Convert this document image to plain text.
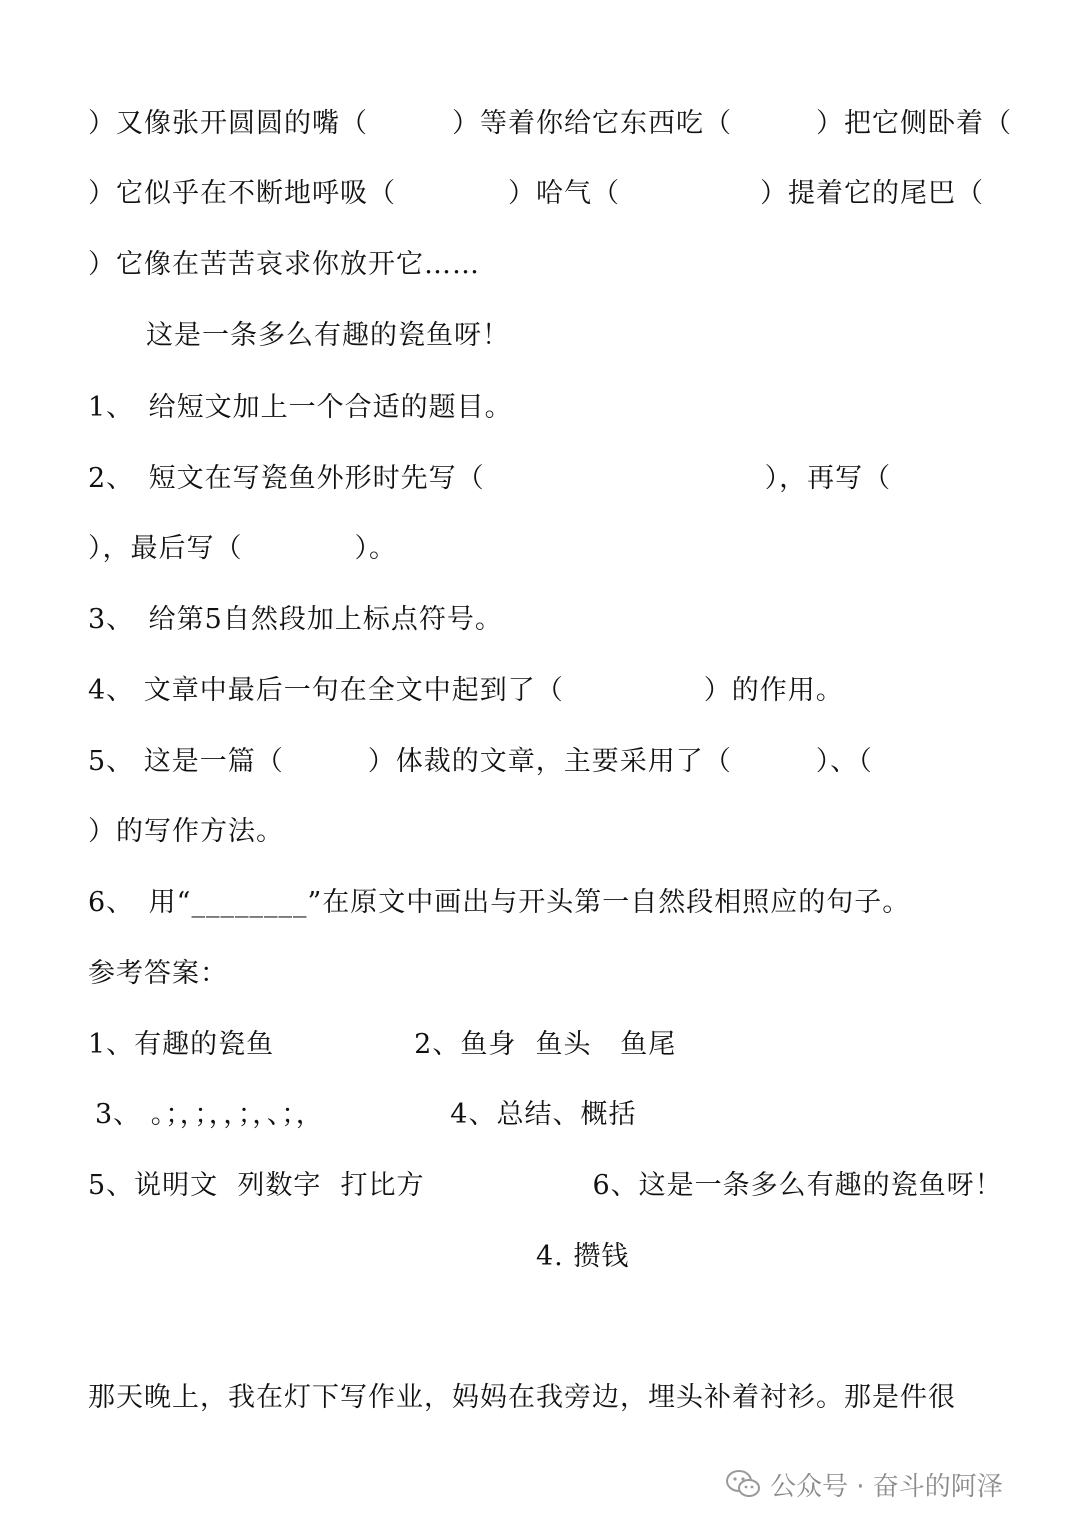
）又像张开圆圆的嘴（　　　）等着你给它东西吃（　　　）把它侧卧着（
）它似乎在不断地呼吸（　　　　）哈气（　　　　　）提着它的尾巴（
）它像在苦苦哀求你放开它……
这是一条多么有趣的瓷鱼呀！
1、　给短文加上一个合适的题目。
2、　短文在写瓷鱼外形时先写（　　　　　　　　　　），再写（
），最后写（　　　　）。
3、　给第5自然段加上标点符号。
4、 文章中最后一句在全文中起到了（　　　　　）的作用。
5、 这是一篇（　　　）体裁的文章，主要采用了（　　　）、（
）的写作方法。
6、　用“________”在原文中画出与开头第一自然段相照应的句子。
参考答案：
1、有趣的瓷鱼　　　　　2、鱼身  鱼头   鱼尾
3、 。；，；，，；，、；，　　　　　4、总结、概括
5、说明文  列数字  打比方　　　　　　6、这是一条多么有趣的瓷鱼呀！
4. 攒钱
那天晚上，我在灯下写作业，妈妈在我旁边，埋头补着衬衫。那是件很
公众号 · 奋斗的阿泽
